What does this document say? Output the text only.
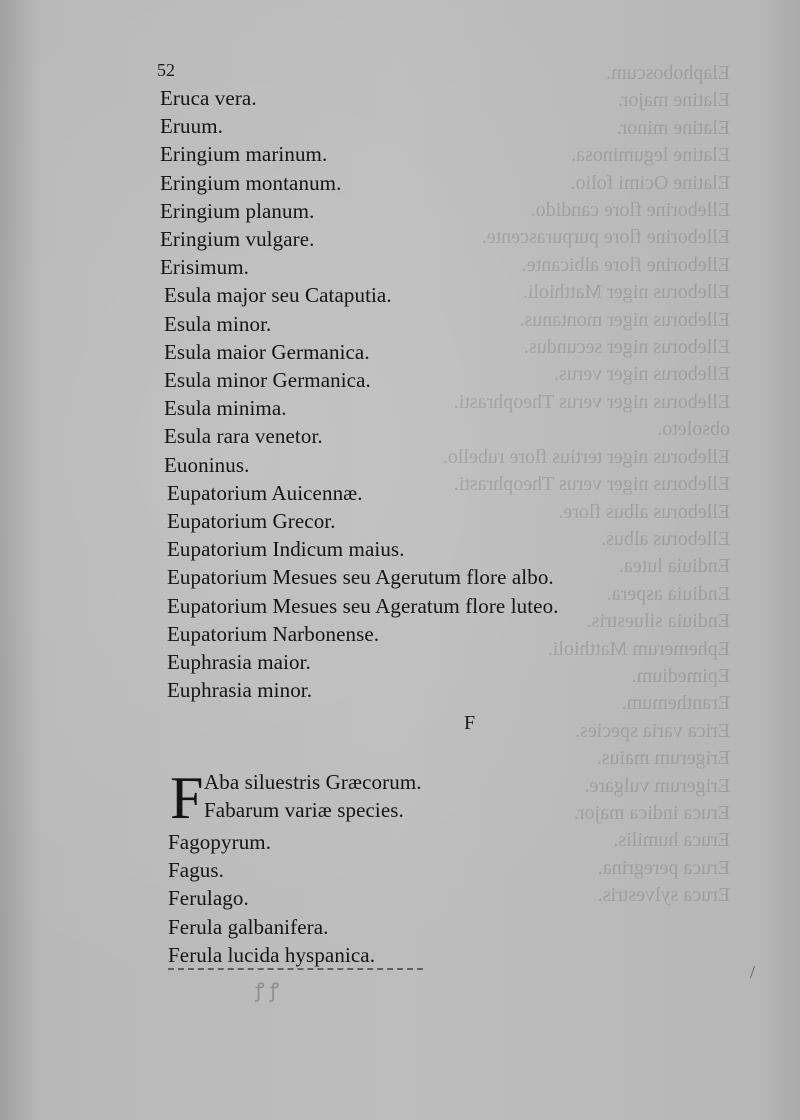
Elaphoboscum.
Elatine major.
Elatine minor.
Elatine leguminosa.
Elatine Ocimi folio.
Elleborine flore candido.
Elleborine flore purpurascente.
Elleborine flore albicante.
Elleborus niger Matthioli.
Elleborus niger montanus.
Elleborus niger secundus.
Elleborus niger verus.
Elleborus niger verus Theophrasti.
obsoleto.
Elleborus niger tertius flore rubello.
Elleborus niger verus Theophrasti.
Elleborus albus flore.
Elleborus albus.
Endiuia lutea.
Endiuia aspera.
Endiuia siluestris.
Ephemerum Matthioli.
Epimedium.
Eranthemum.
Erica varia species.
Erigerum maius.
Erigerum vulgare.
Eruca indica major.
Eruca humilis.
Eruca peregrina.
Eruca sylvestris.
52
Eruca vera.
Eruum.
Eringium marinum.
Eringium montanum.
Eringium planum.
Eringium vulgare.
Erisimum.
Esula major seu Cataputia.
Esula minor.
Esula maior Germanica.
Esula minor Germanica.
Esula minima.
Esula rara venetor.
Euoninus.
Eupatorium Auicennæ.
Eupatorium Grecor.
Eupatorium Indicum maius.
Eupatorium Mesues seu Agerutum flore albo.
Eupatorium Mesues seu Ageratum flore luteo.
Eupatorium Narbonense.
Euphrasia maior.
Euphrasia minor.
F
F Aba siluestris Græcorum.
Fabarum variæ species.
Fagopyrum.
Fagus.
Ferulago.
Ferula galbanifera.
Ferula lucida hyspanica.
ꝭ ꝭ
/
